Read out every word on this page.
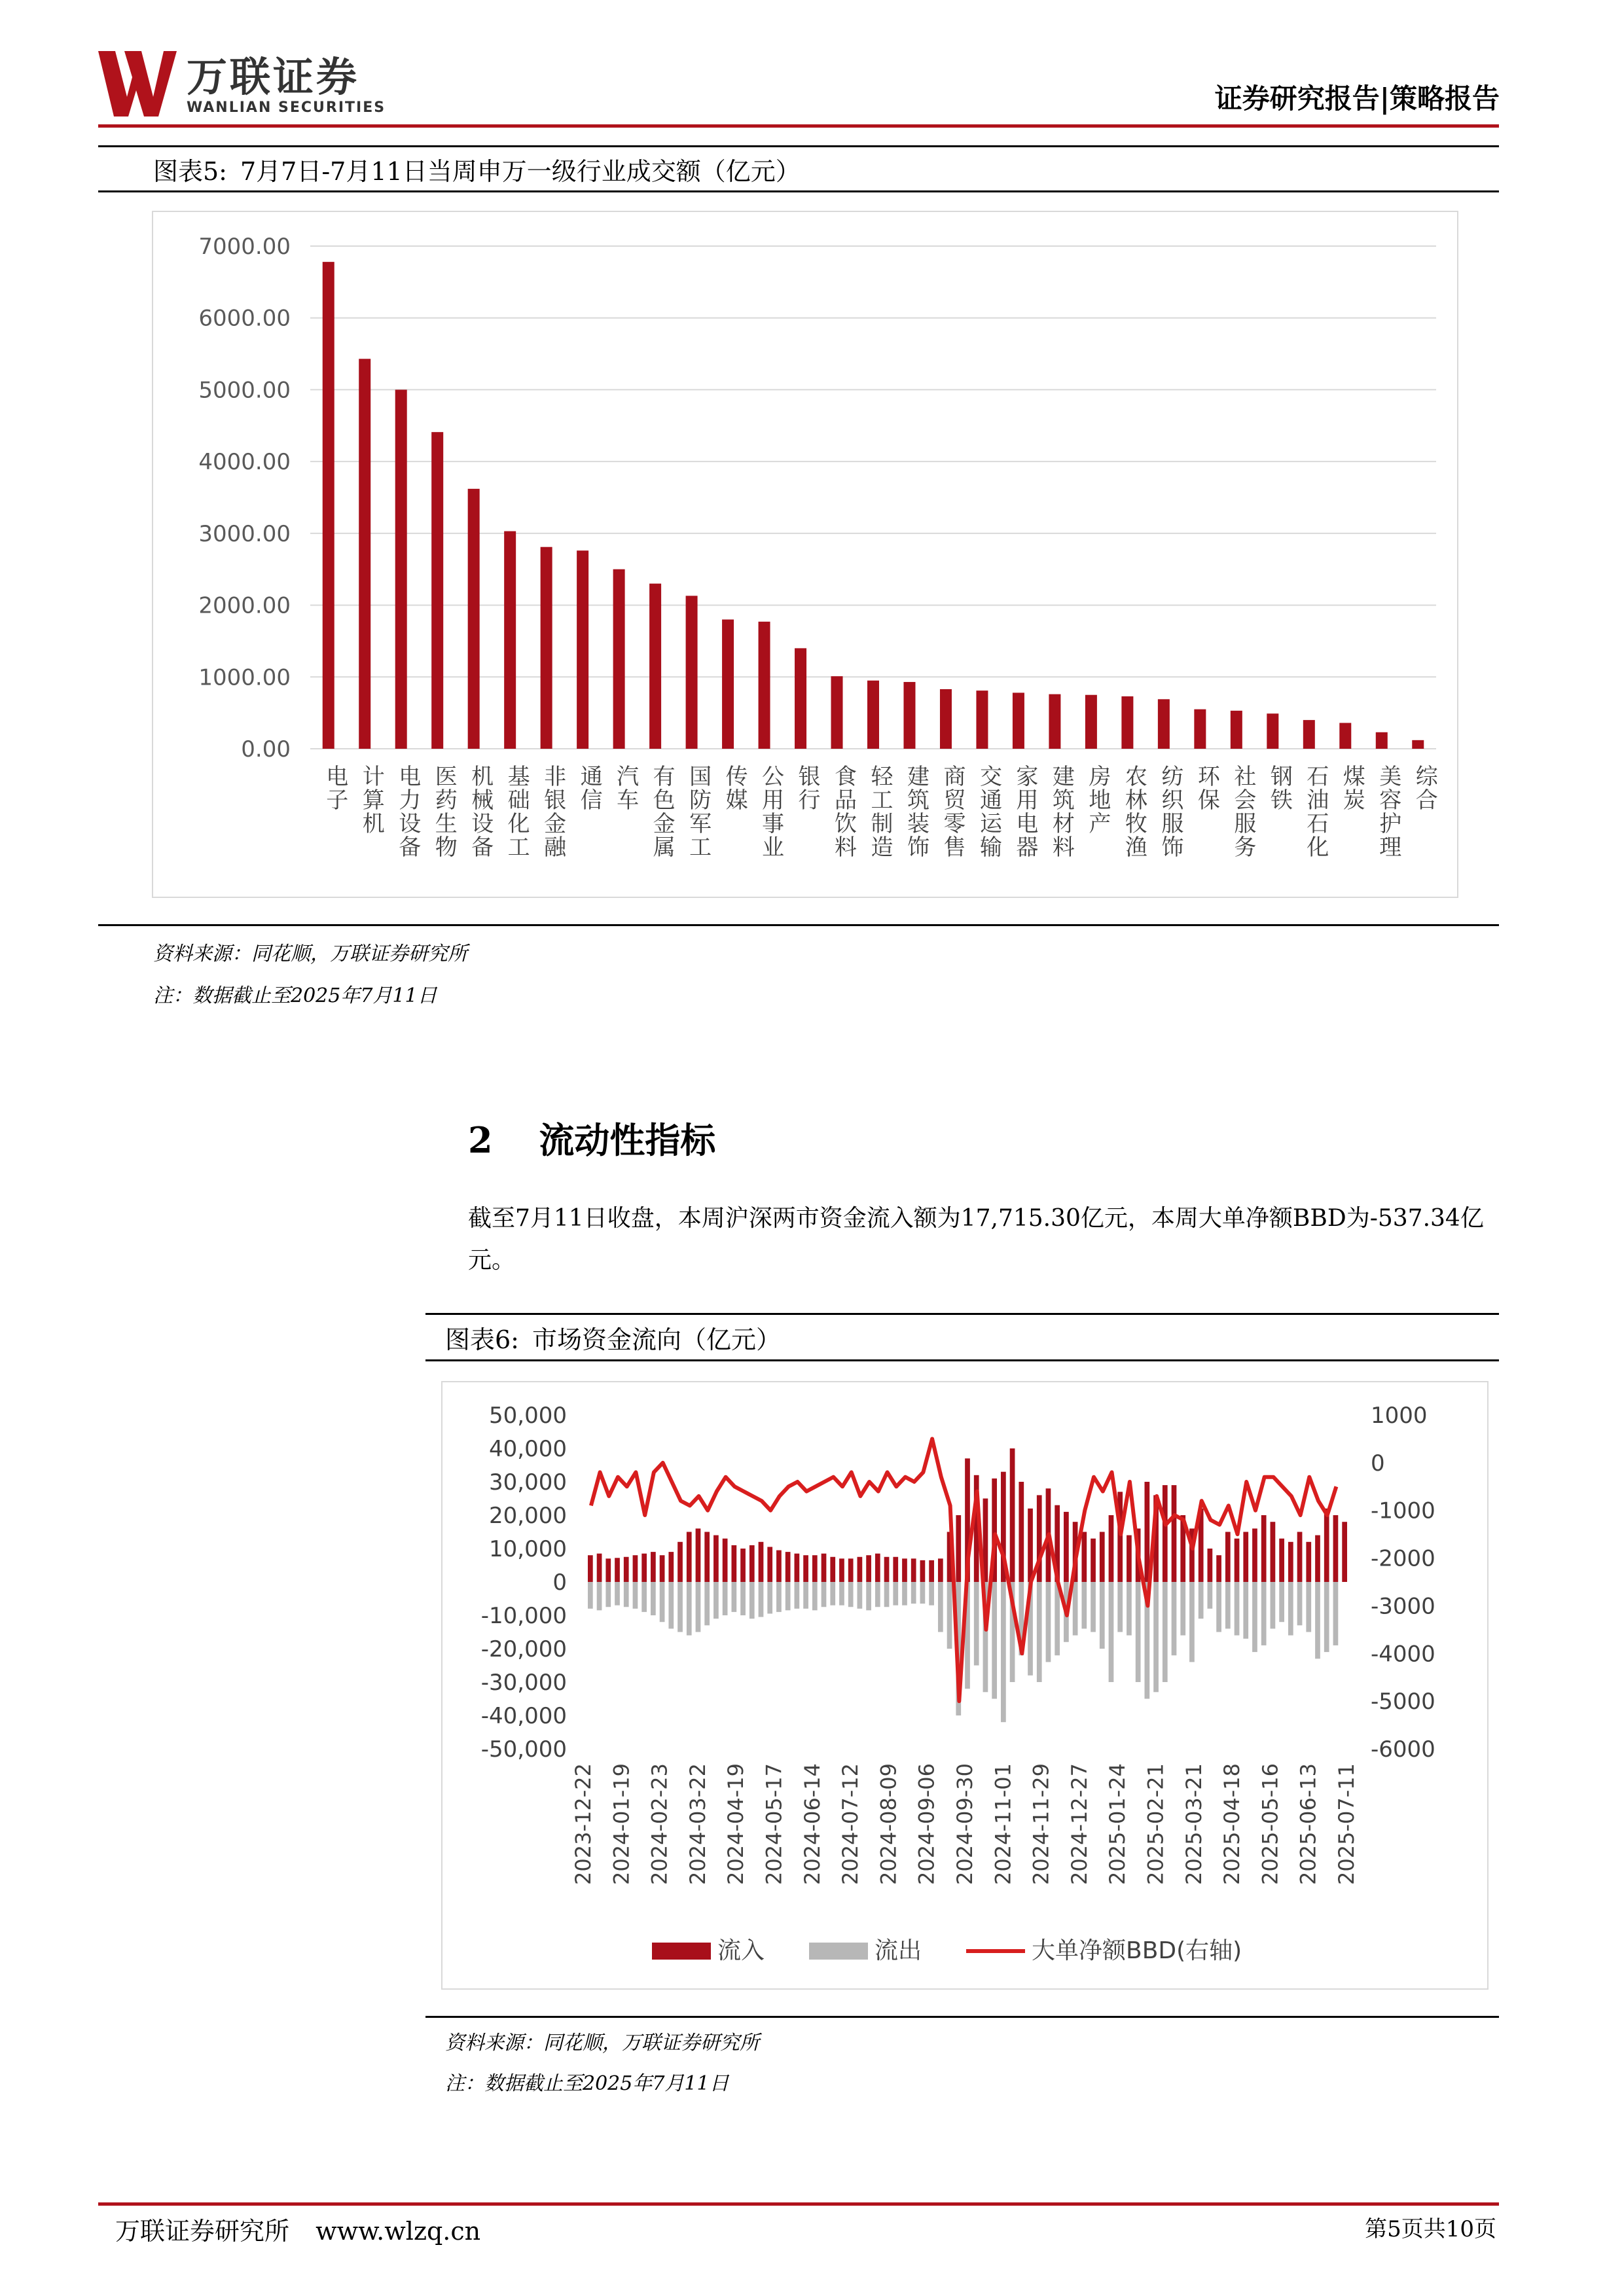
万联证券
WANLIAN SECURITIES	证券研究报告|策略报告
图表5: 7月7日-7月11日当周申万一级行业成交额（亿元）
0.00
1000.00
2000.00
3000.00
4000.00
5000.00
6000.00
7000.00
电子 计算机 电力设备 医药生物 机械设备 基础化工 非银金融 通信 汽车 有色金属 国防军工 传媒 公用事业 银行 食品饮料 轻工制造 建筑装饰 商贸零售 交通运输 家用电器 建筑材料 房地产 农林牧渔 纺织服饰 环保 社会服务 钢铁 石油石化 煤炭 美容护理 综合
资料来源：同花顺，万联证券研究所
注：数据截止至2025年7月11日
2 流动性指标
截至7月11日收盘，本周沪深两市资金流入额为17,715.30亿元，本周大单净额BBD为-537.34亿元。
图表6: 市场资金流向（亿元）
50,000
40,000
30,000
20,000
10,000
0
-10,000
-20,000
-30,000
-40,000
-50,000
1000
0
-1000
-2000
-3000
-4000
-5000
-6000
2023-12-22 2024-01-19 2024-02-23 2024-03-22 2024-04-19 2024-05-17 2024-06-14 2024-07-12 2024-08-09 2024-09-06 2024-09-30 2024-11-01 2024-11-29 2024-12-27 2025-01-24 2025-02-21 2025-03-21 2025-04-18 2025-05-16 2025-06-13 2025-07-11
流入	流出	大单净额BBD(右轴)
资料来源：同花顺，万联证券研究所
注：数据截止至2025年7月11日
万联证券研究所 www.wlzq.cn	第5页共10页
